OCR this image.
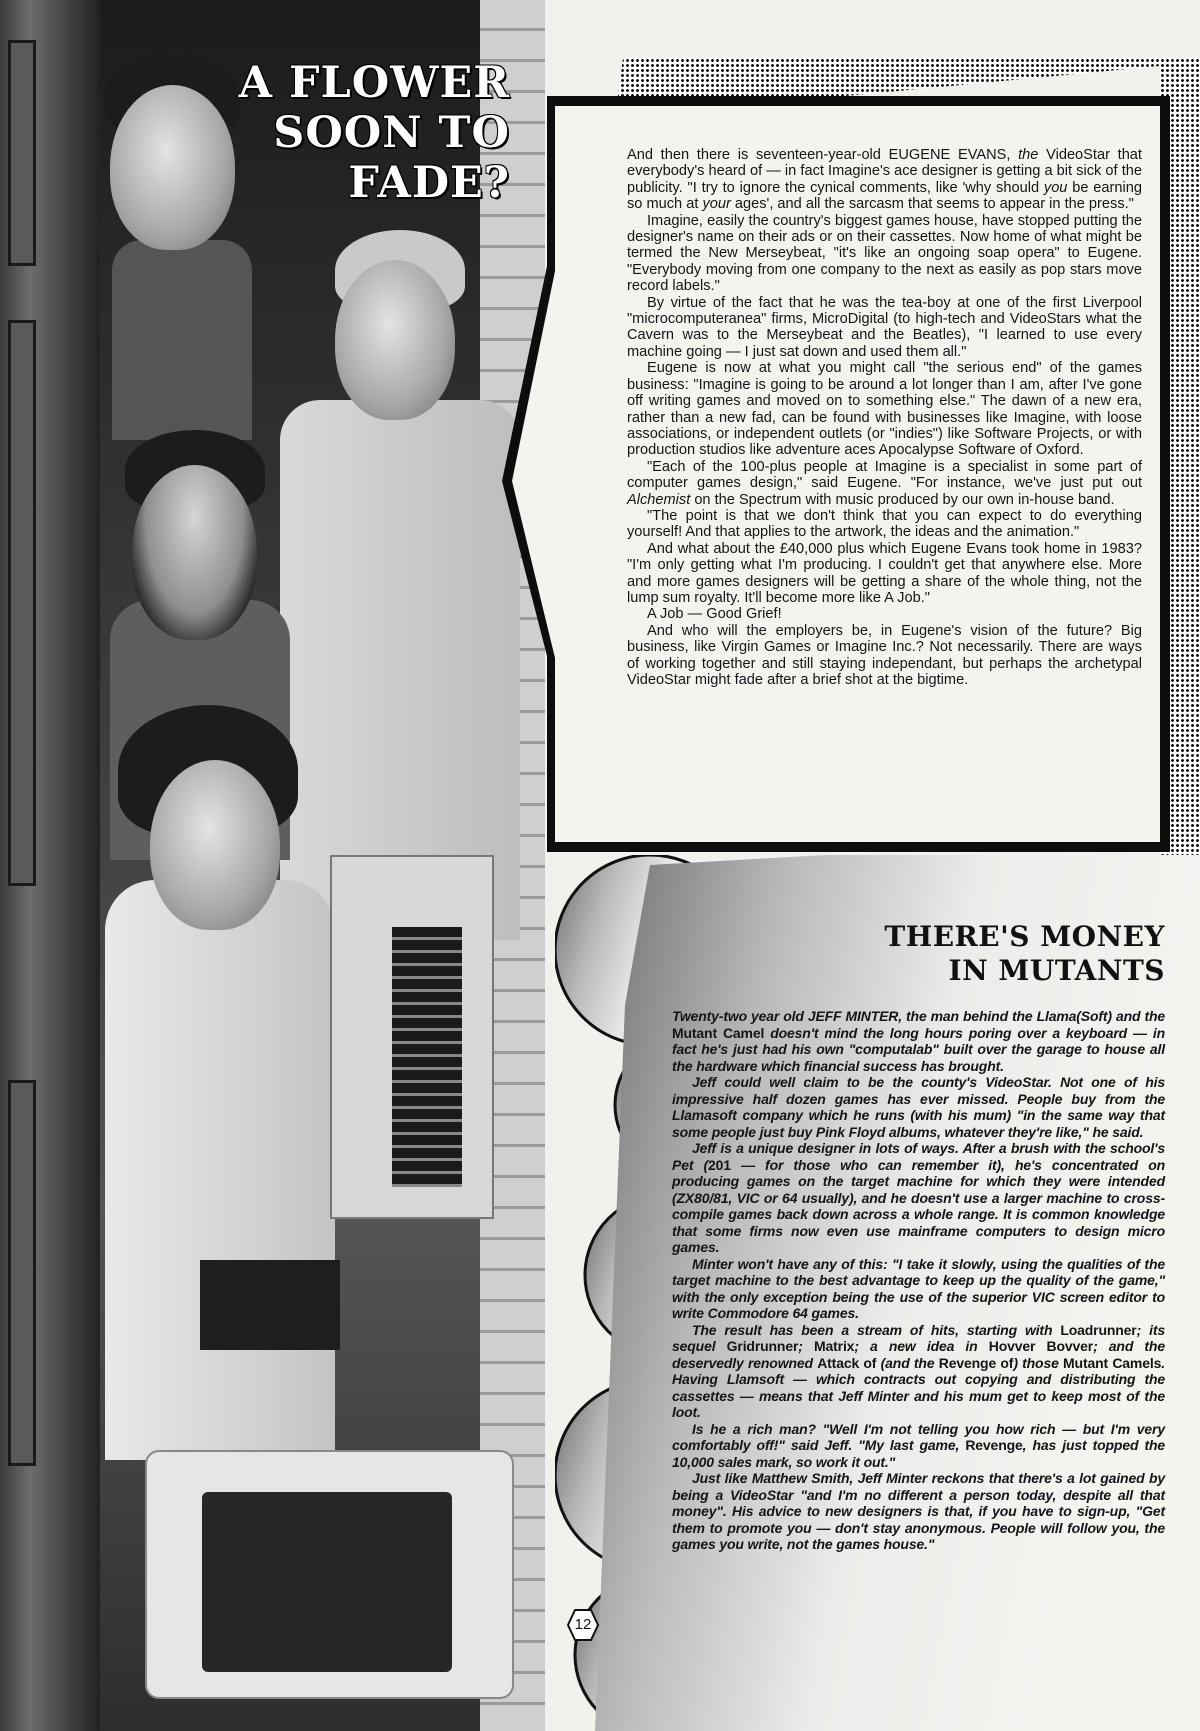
A FLOWER SOON TO FADE?

And then there is seventeen-year-old EUGENE EVANS, the VideoStar that everybody's heard of — in fact Imagine's ace designer is getting a bit sick of the publicity. "I try to ignore the cynical comments, like 'why should you be earning so much at your ages', and all the sarcasm that seems to appear in the press."

Imagine, easily the country's biggest games house, have stopped putting the designer's name on their ads or on their cassettes. Now home of what might be termed the New Merseybeat, "it's like an ongoing soap opera" to Eugene. "Everybody moving from one company to the next as easily as pop stars move record labels."

By virtue of the fact that he was the tea-boy at one of the first Liverpool "microcomputeranea" firms, MicroDigital (to high-tech and VideoStars what the Cavern was to the Merseybeat and the Beatles), "I learned to use every machine going — I just sat down and used them all."

Eugene is now at what you might call "the serious end" of the games business: "Imagine is going to be around a lot longer than I am, after I've gone off writing games and moved on to something else." The dawn of a new era, rather than a new fad, can be found with businesses like Imagine, with loose associations, or independent outlets (or "indies") like Software Projects, or with production studios like adventure aces Apocalypse Software of Oxford.

"Each of the 100-plus people at Imagine is a specialist in some part of computer games design," said Eugene. "For instance, we've just put out Alchemist on the Spectrum with music produced by our own in-house band.

"The point is that we don't think that you can expect to do everything yourself! And that applies to the artwork, the ideas and the animation."

And what about the £40,000 plus which Eugene Evans took home in 1983? "I'm only getting what I'm producing. I couldn't get that anywhere else. More and more games designers will be getting a share of the whole thing, not the lump sum royalty. It'll become more like A Job."

A Job — Good Grief!

And who will the employers be, in Eugene's vision of the future? Big business, like Virgin Games or Imagine Inc.? Not necessarily. There are ways of working together and still staying independant, but perhaps the archetypal VideoStar might fade after a brief shot at the bigtime.

THERE'S MONEY
IN MUTANTS

Twenty-two year old JEFF MINTER, the man behind the Llama(Soft) and the Mutant Camel doesn't mind the long hours poring over a keyboard — in fact he's just had his own "computalab" built over the garage to house all the hardware which financial success has brought.

Jeff could well claim to be the county's VideoStar. Not one of his impressive half dozen games has ever missed. People buy from the Llamasoft company which he runs (with his mum) "in the same way that some people just buy Pink Floyd albums, whatever they're like," he said.

Jeff is a unique designer in lots of ways. After a brush with the school's Pet (201 — for those who can remember it), he's concentrated on producing games on the target machine for which they were intended (ZX80/81, VIC or 64 usually), and he doesn't use a larger machine to cross-compile games back down across a whole range. It is common knowledge that some firms now even use mainframe computers to design micro games.

Minter won't have any of this: "I take it slowly, using the qualities of the target machine to the best advantage to keep up the quality of the game," with the only exception being the use of the superior VIC screen editor to write Commodore 64 games.

The result has been a stream of hits, starting with Loadrunner; its sequel Gridrunner; Matrix; a new idea in Hovver Bovver; and the deservedly renowned Attack of (and the Revenge of) those Mutant Camels. Having Llamsoft — which contracts out copying and distributing the cassettes — means that Jeff Minter and his mum get to keep most of the loot.

Is he a rich man? "Well I'm not telling you how rich — but I'm very comfortably off!" said Jeff. "My last game, Revenge, has just topped the 10,000 sales mark, so work it out."

Just like Matthew Smith, Jeff Minter reckons that there's a lot gained by being a VideoStar "and I'm no different a person today, despite all that money". His advice to new designers is that, if you have to sign-up, "Get them to promote you — don't stay anonymous. People will follow you, the games you write, not the games house."

12
